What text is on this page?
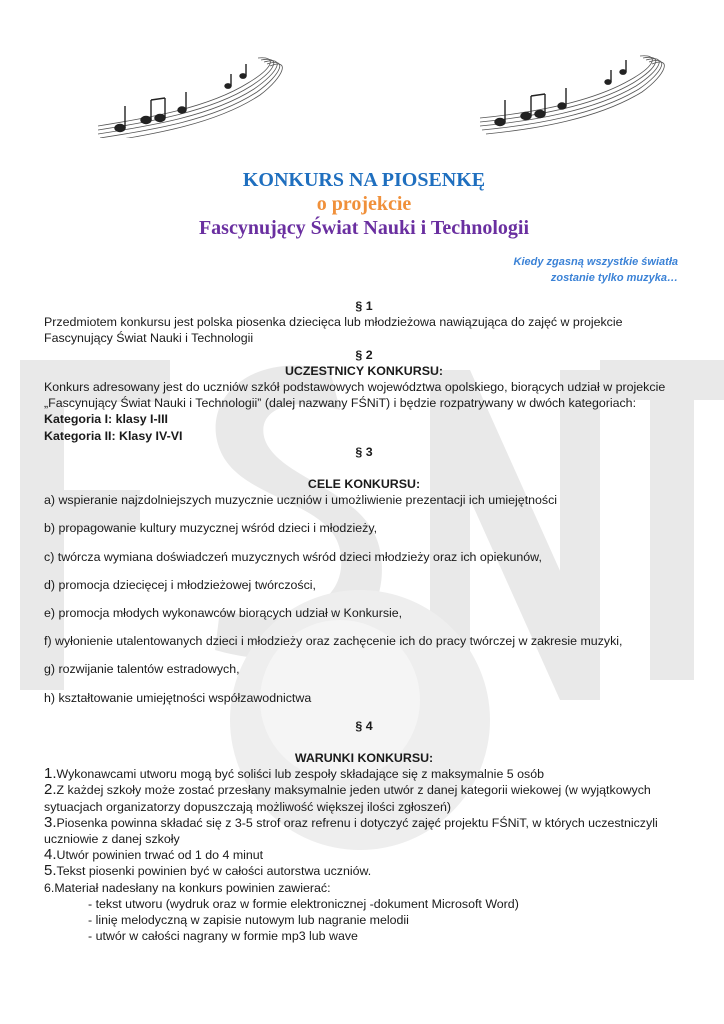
KONKURS NA PIOSENKĘ
o projekcie
Fascynujący Świat Nauki i Technologii
Kiedy zgasną wszystkie światła
zostanie tylko muzyka…
§ 1
Przedmiotem konkursu jest polska piosenka dziecięca lub młodzieżowa nawiązująca do zajęć w projekcie Fascynujący Świat Nauki i Technologii
§ 2
UCZESTNICY KONKURSU:
Konkurs adresowany jest do uczniów szkół podstawowych województwa opolskiego, biorących udział w projekcie „Fascynujący Świat Nauki i Technologii” (dalej nazwany FŚNiT) i będzie rozpatrywany w dwóch kategoriach:
Kategoria I: klasy I-III
Kategoria II: Klasy IV-VI
§ 3
CELE KONKURSU:
a) wspieranie najzdolniejszych muzycznie uczniów i umożliwienie prezentacji ich umiejętności
b) propagowanie kultury muzycznej wśród dzieci i młodzieży,
c) twórcza wymiana doświadczeń muzycznych wśród dzieci młodzieży oraz ich opiekunów,
d) promocja dziecięcej i młodzieżowej twórczości,
e) promocja młodych wykonawców biorących udział w Konkursie,
f) wyłonienie utalentowanych dzieci i młodzieży oraz zachęcenie ich do pracy twórczej w zakresie muzyki,
g) rozwijanie talentów estradowych,
h) kształtowanie umiejętności współzawodnictwa
§ 4
WARUNKI KONKURSU:
1.Wykonawcami utworu mogą być soliści lub zespoły składające się z maksymalnie 5 osób
2.Z każdej szkoły może zostać przesłany maksymalnie jeden utwór z danej kategorii wiekowej (w wyjątkowych sytuacjach organizatorzy dopuszczają możliwość większej ilości zgłoszeń)
3.Piosenka powinna składać się z 3-5 strof oraz refrenu i dotyczyć zajęć projektu FŚNiT, w których uczestniczyli uczniowie z danej szkoły
4.Utwór powinien trwać od 1 do 4 minut
5.Tekst piosenki powinien być w całości autorstwa uczniów.
6.Materiał nadesłany na konkurs powinien zawierać:
- tekst utworu (wydruk oraz w formie elektronicznej -dokument Microsoft Word)
- linię melodyczną w zapisie nutowym lub nagranie melodii
- utwór w całości nagrany w formie mp3 lub wave
